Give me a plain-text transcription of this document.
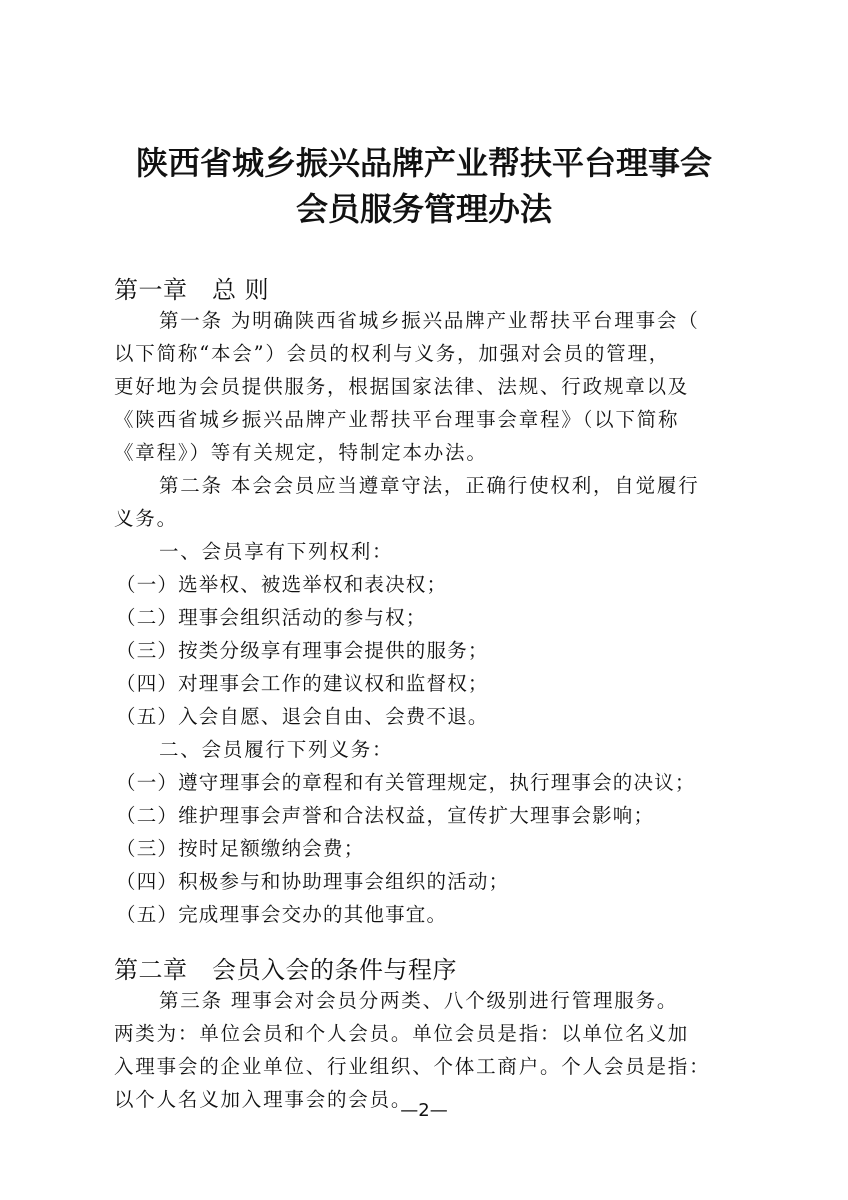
陕西省城乡振兴品牌产业帮扶平台理事会
会员服务管理办法
第一章　总 则
第一条 为明确陕西省城乡振兴品牌产业帮扶平台理事会（
以下简称“本会”）会员的权利与义务，加强对会员的管理，
更好地为会员提供服务，根据国家法律、法规、行政规章以及
《陕西省城乡振兴品牌产业帮扶平台理事会章程》（以下简称
《章程》）等有关规定，特制定本办法。
第二条 本会会员应当遵章守法，正确行使权利，自觉履行
义务。
一、会员享有下列权利：
（一）选举权、被选举权和表决权；
（二）理事会组织活动的参与权；
（三）按类分级享有理事会提供的服务；
（四）对理事会工作的建议权和监督权；
（五）入会自愿、退会自由、会费不退。
二、会员履行下列义务：
（一）遵守理事会的章程和有关管理规定，执行理事会的决议；
（二）维护理事会声誉和合法权益，宣传扩大理事会影响；
（三）按时足额缴纳会费；
（四）积极参与和协助理事会组织的活动；
（五）完成理事会交办的其他事宜。
第二章　会员入会的条件与程序
第三条 理事会对会员分两类、八个级别进行管理服务。
两类为：单位会员和个人会员。单位会员是指：以单位名义加
入理事会的企业单位、行业组织、个体工商户。个人会员是指：
以个人名义加入理事会的会员。
—2—
